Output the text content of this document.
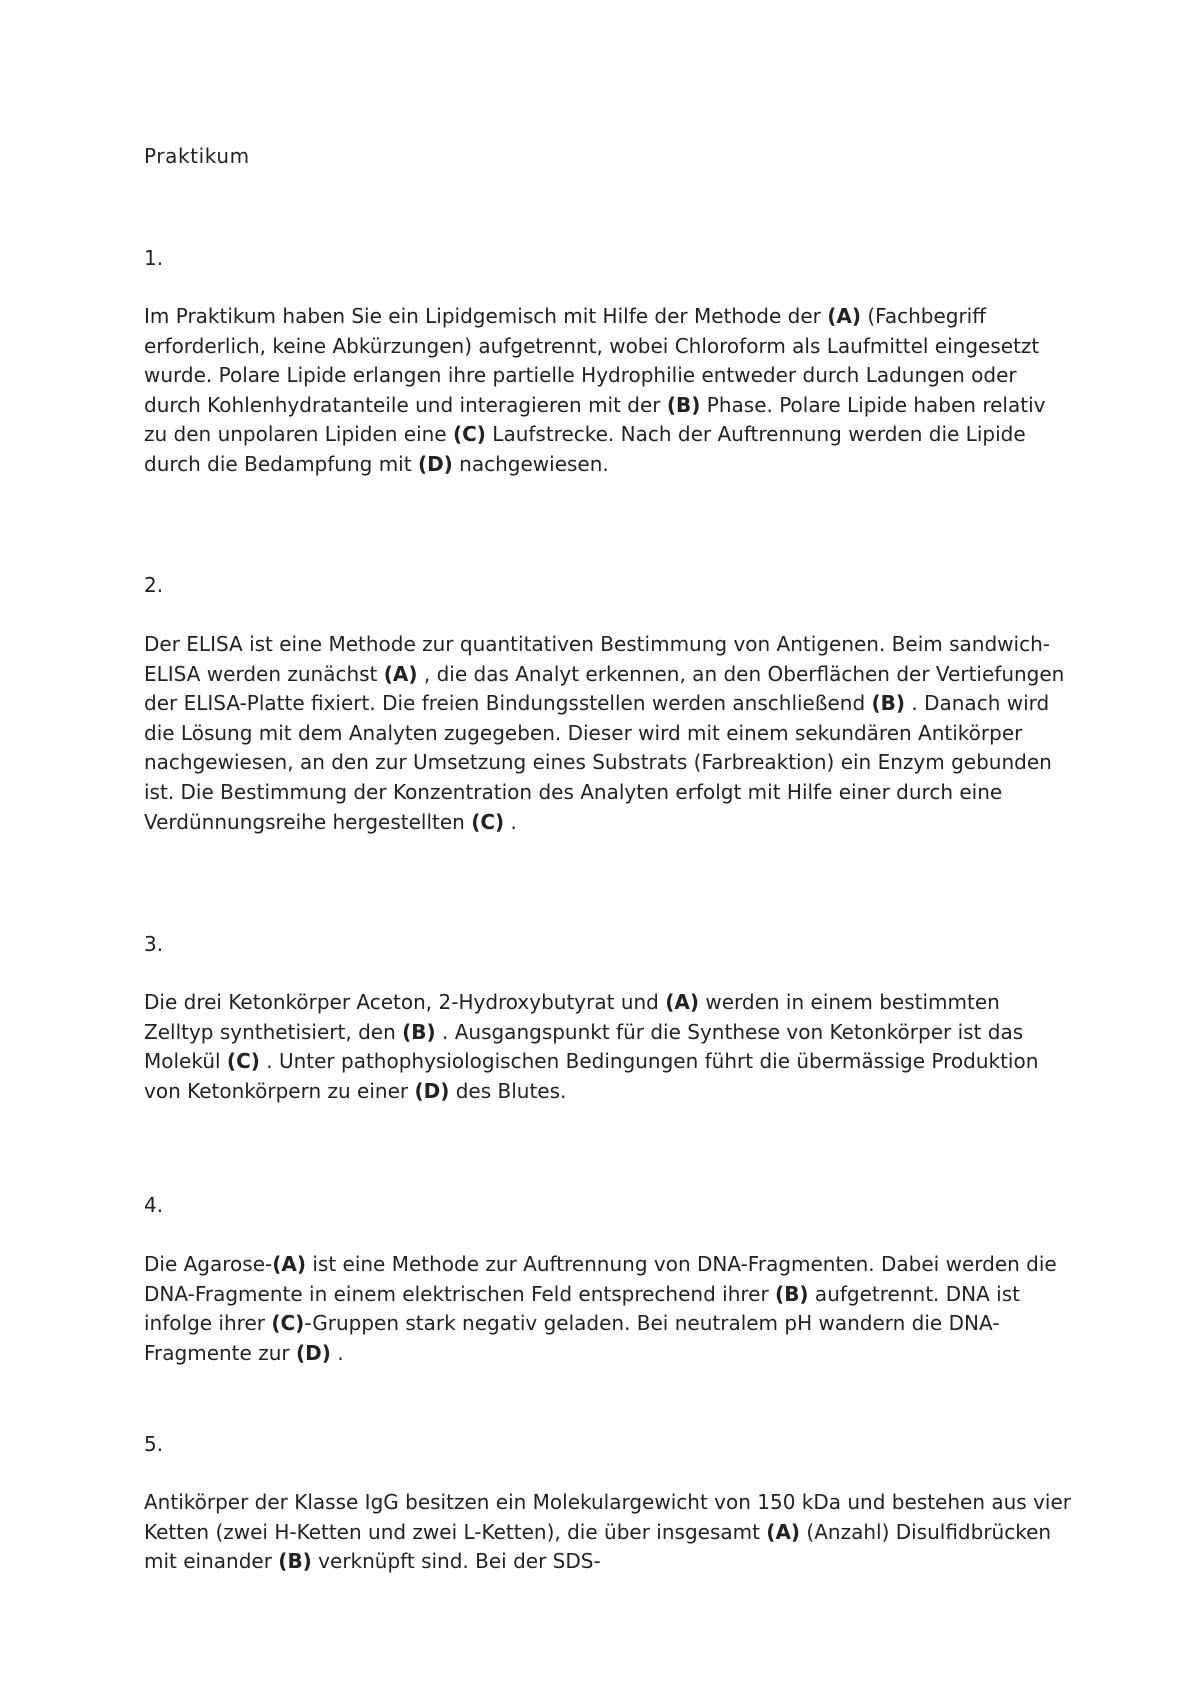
Praktikum

1.

Im Praktikum haben Sie ein Lipidgemisch mit Hilfe der Methode der (A) (Fachbegriff erforderlich, keine Abkürzungen) aufgetrennt, wobei Chloroform als Laufmittel eingesetzt wurde. Polare Lipide erlangen ihre partielle Hydrophilie entweder durch Ladungen oder durch Kohlenhydratanteile und interagieren mit der (B) Phase. Polare Lipide haben relativ zu den unpolaren Lipiden eine (C) Laufstrecke. Nach der Auftrennung werden die Lipide durch die Bedampfung mit (D) nachgewiesen.

2.

Der ELISA ist eine Methode zur quantitativen Bestimmung von Antigenen. Beim sandwich-ELISA werden zunächst (A) , die das Analyt erkennen, an den Oberflächen der Vertiefungen der ELISA-Platte fixiert. Die freien Bindungsstellen werden anschließend (B) . Danach wird die Lösung mit dem Analyten zugegeben. Dieser wird mit einem sekundären Antikörper nachgewiesen, an den zur Umsetzung eines Substrats (Farbreaktion) ein Enzym gebunden ist. Die Bestimmung der Konzentration des Analyten erfolgt mit Hilfe einer durch eine Verdünnungsreihe hergestellten (C) .

3.

Die drei Ketonkörper Aceton, 2-Hydroxybutyrat und (A) werden in einem bestimmten Zelltyp synthetisiert, den (B) . Ausgangspunkt für die Synthese von Ketonkörper ist das Molekül (C) . Unter pathophysiologischen Bedingungen führt die übermässige Produktion von Ketonkörpern zu einer (D) des Blutes.

4.

Die Agarose-(A) ist eine Methode zur Auftrennung von DNA-Fragmenten. Dabei werden die DNA-Fragmente in einem elektrischen Feld entsprechend ihrer (B) aufgetrennt. DNA ist infolge ihrer (C)-Gruppen stark negativ geladen. Bei neutralem pH wandern die DNA-Fragmente zur (D) .

5.

Antikörper der Klasse IgG besitzen ein Molekulargewicht von 150 kDa und bestehen aus vier Ketten (zwei H-Ketten und zwei L-Ketten), die über insgesamt (A) (Anzahl) Disulfidbrücken mit einander (B) verknüpft sind. Bei der SDS-
